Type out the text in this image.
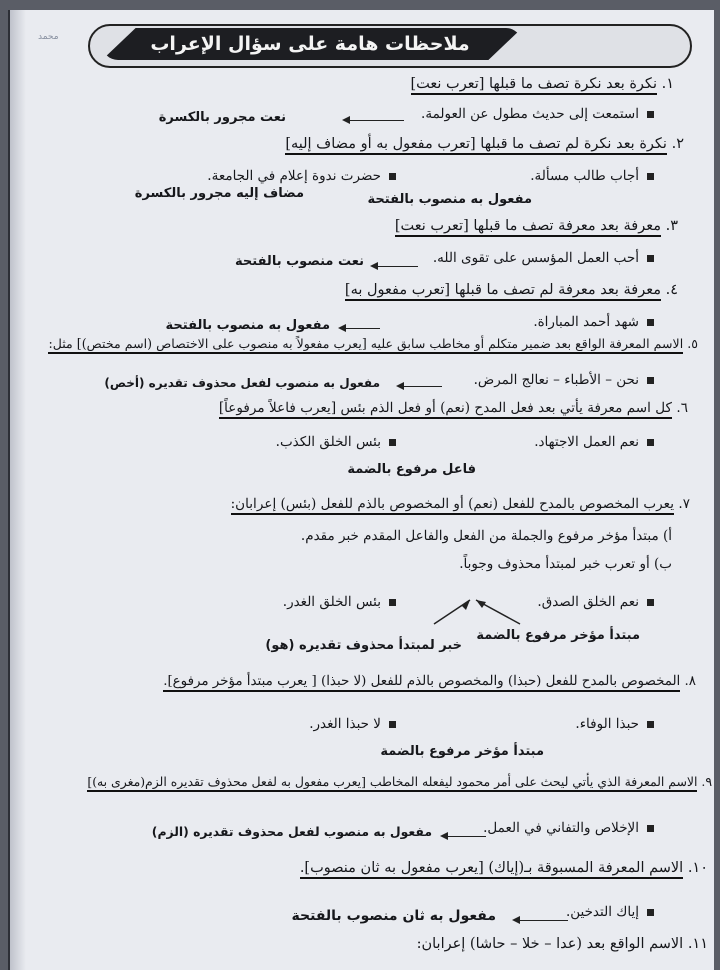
‫محمد	ملاحظات هامة على سؤال الإعراب
١. نكرة بعد نكرة تصف ما قبلها [تعرب نعت]
استمعت إلى حديث مطول عن العولمة.
نعت مجرور بالكسرة
٢. نكرة بعد نكرة لم تصف ما قبلها [تعرب مفعول به أو مضاف إليه]
أجاب طالب مسألة.
حضرت ندوة إعلام في الجامعة.
مفعول به منصوب بالفتحة
مضاف إليه مجرور بالكسرة
٣. معرفة بعد معرفة تصف ما قبلها [تعرب نعت]
أحب العمل المؤسس على تقوى الله.
نعت منصوب بالفتحة
٤. معرفة بعد معرفة لم تصف ما قبلها [تعرب مفعول به]
شهد أحمد المباراة.
مفعول به منصوب بالفتحة
٥. الاسم المعرفة الواقع بعد ضمير متكلم أو مخاطب سابق عليه [يعرب مفعولاً به منصوب على الاختصاص (اسم مختص)] مثل:
نحن – الأطباء – نعالج المرض.
مفعول به منصوب لفعل محذوف تقديره (أخص)
٦. كل اسم معرفة يأتي بعد فعل المدح (نعم) أو فعل الذم بئس [يعرب فاعلاً مرفوعاً]
نعم العمل الاجتهاد.
بئس الخلق الكذب.
فاعل مرفوع بالضمة
٧. يعرب المخصوص بالمدح للفعل (نعم) أو المخصوص بالذم للفعل (بئس) إعرابان:
أ) مبتدأ مؤخر مرفوع والجملة من الفعل والفاعل المقدم خبر مقدم.
ب) أو تعرب خبر لمبتدأ محذوف وجوباً.
نعم الخلق الصدق.
بئس الخلق الغدر.
مبتدأ مؤخر مرفوع بالضمة
خبر لمبتدأ محذوف تقديره (هو)
٨. المخصوص بالمدح للفعل (حبذا) والمخصوص بالذم للفعل (لا حبذا) [ يعرب مبتدأ مؤخر مرفوع].
حبذا الوفاء.
لا حبذا الغدر.
مبتدأ مؤخر مرفوع بالضمة
٩. الاسم المعرفة الذي يأتي ليحث على أمر محمود ليفعله المخاطب [يعرب مفعول به لفعل محذوف تقديره الزم(مغرى به)]
الإخلاص والتفاني في العمل.
مفعول به منصوب لفعل محذوف تقديره (الزم)
١٠. الاسم المعرفة المسبوقة بـ(إياك) [يعرب مفعول به ثان منصوب].
إياك التدخين.
مفعول به ثان منصوب بالفتحة
١١. الاسم الواقع بعد (عدا – خلا – حاشا) إعرابان:
